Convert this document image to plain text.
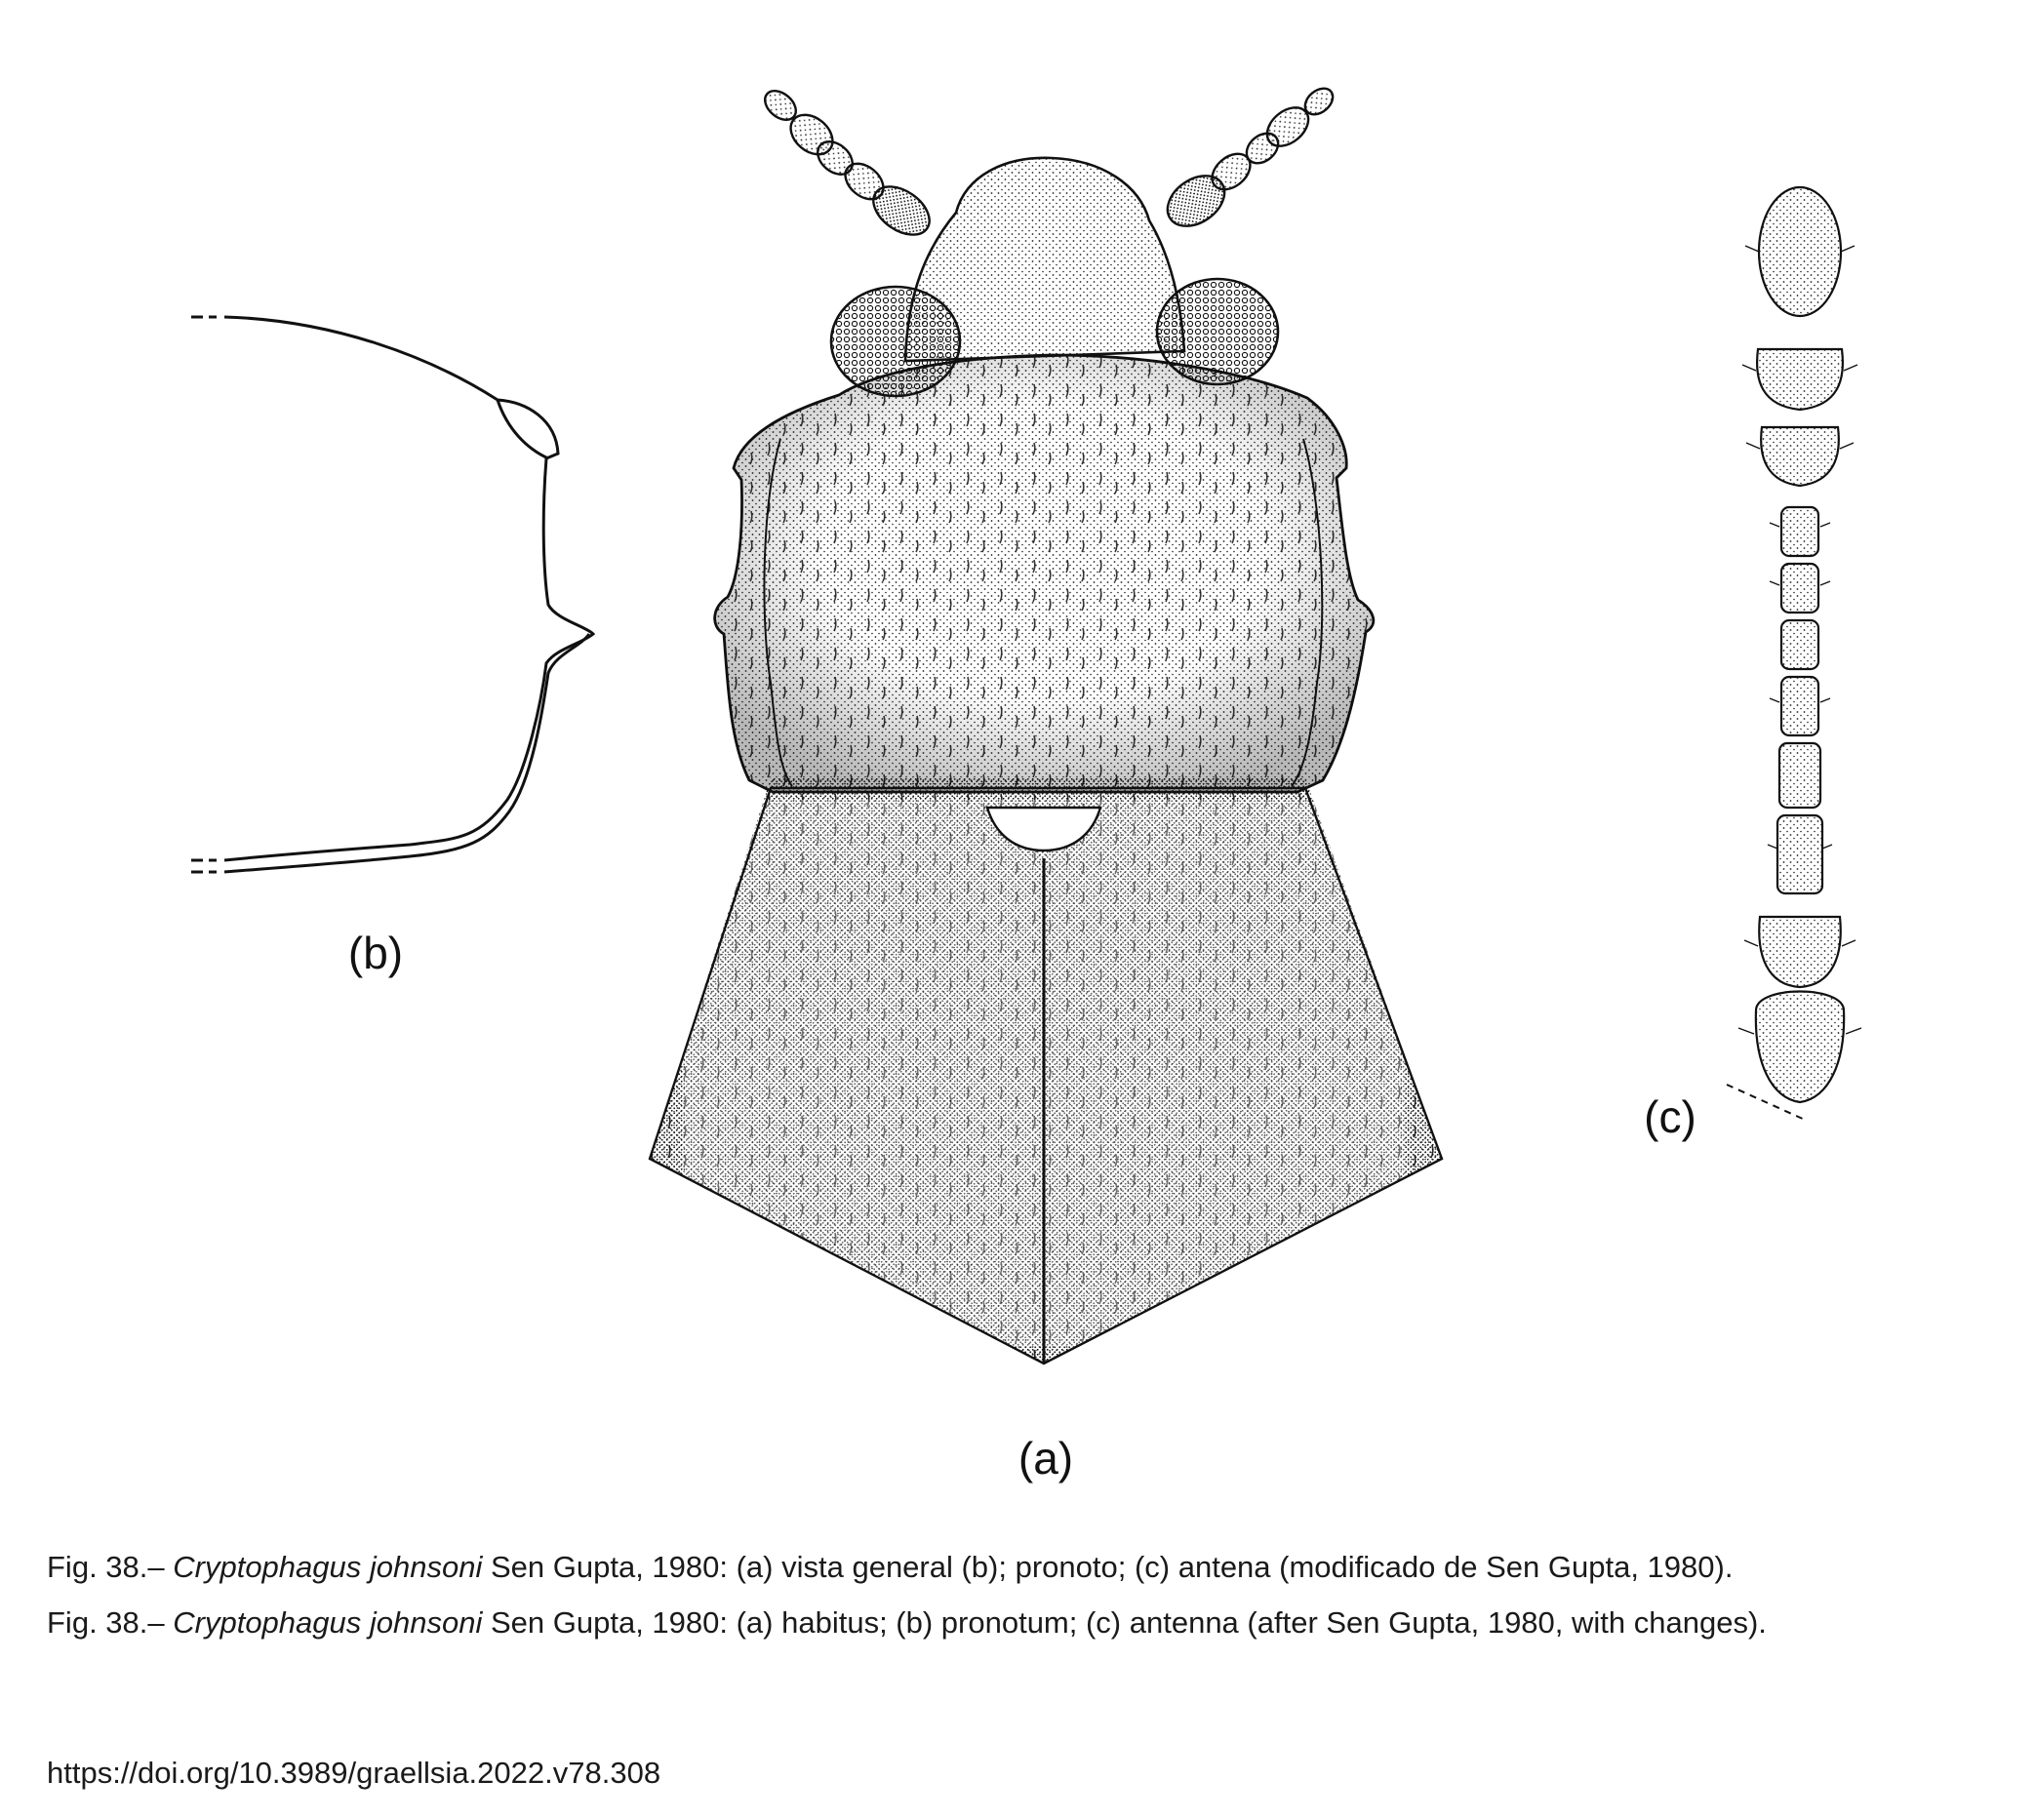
(b)
(a)
(c)

Fig. 38.– Cryptophagus johnsoni Sen Gupta, 1980: (a) vista general (b); pronoto; (c) antena (modificado de Sen Gupta, 1980).

Fig. 38.– Cryptophagus johnsoni Sen Gupta, 1980: (a) habitus; (b) pronotum; (c) antenna (after Sen Gupta, 1980, with changes).

https://doi.org/10.3989/graellsia.2022.v78.308
